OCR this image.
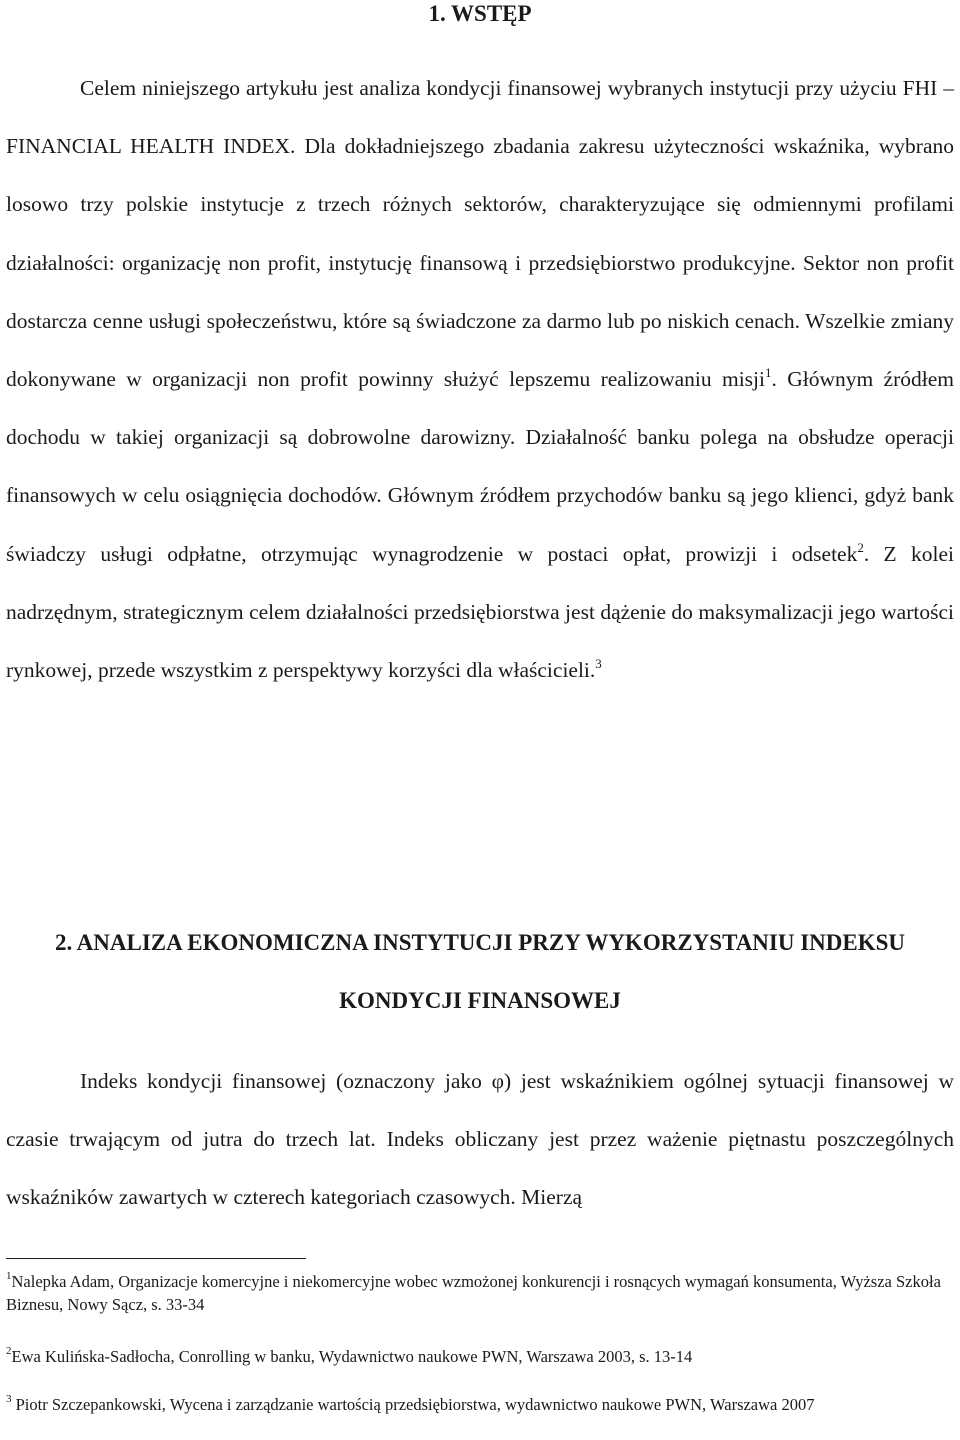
1. WSTĘP

Celem niniejszego artykułu jest analiza kondycji finansowej wybranych instytucji przy użyciu FHI – FINANCIAL HEALTH INDEX. Dla dokładniejszego zbadania zakresu użyteczności wskaźnika, wybrano losowo trzy polskie instytucje z trzech różnych sektorów, charakteryzujące się odmiennymi profilami działalności: organizację non profit, instytucję finansową i przedsiębiorstwo produkcyjne. Sektor non profit dostarcza cenne usługi społeczeństwu, które są świadczone za darmo lub po niskich cenach. Wszelkie zmiany dokonywane w organizacji non profit powinny służyć lepszemu realizowaniu misji$^1$. Głównym źródłem dochodu w takiej organizacji są dobrowolne darowizny. Działalność banku polega na obsłudze operacji finansowych w celu osiągnięcia dochodów. Głównym źródłem przychodów banku są jego klienci, gdyż bank świadczy usługi odpłatne, otrzymując wynagrodzenie w postaci opłat, prowizji i odsetek$^2$. Z kolei nadrzędnym, strategicznym celem działalności przedsiębiorstwa jest dążenie do maksymalizacji jego wartości rynkowej, przede wszystkim z perspektywy korzyści dla właścicieli.$^3$

2. ANALIZA EKONOMICZNA INSTYTUCJI PRZY WYKORZYSTANIU INDEKSU
KONDYCJI FINANSOWEJ

Indeks kondycji finansowej (oznaczony jako φ) jest wskaźnikiem ogólnej sytuacji finansowej w czasie trwającym od jutra do trzech lat. Indeks obliczany jest przez ważenie piętnastu poszczególnych wskaźników zawartych w czterech kategoriach czasowych. Mierzą

$^1$Nalepka Adam, Organizacje komercyjne i niekomercyjne wobec wzmożonej konkurencji i rosnących wymagań konsumenta, Wyższa Szkoła Biznesu, Nowy Sącz, s. 33-34
$^2$Ewa Kulińska-Sadłocha, Conrolling w banku, Wydawnictwo naukowe PWN, Warszawa 2003, s. 13-14
$^3$ Piotr Szczepankowski, Wycena i zarządzanie wartością przedsiębiorstwa, wydawnictwo naukowe PWN, Warszawa 2007
